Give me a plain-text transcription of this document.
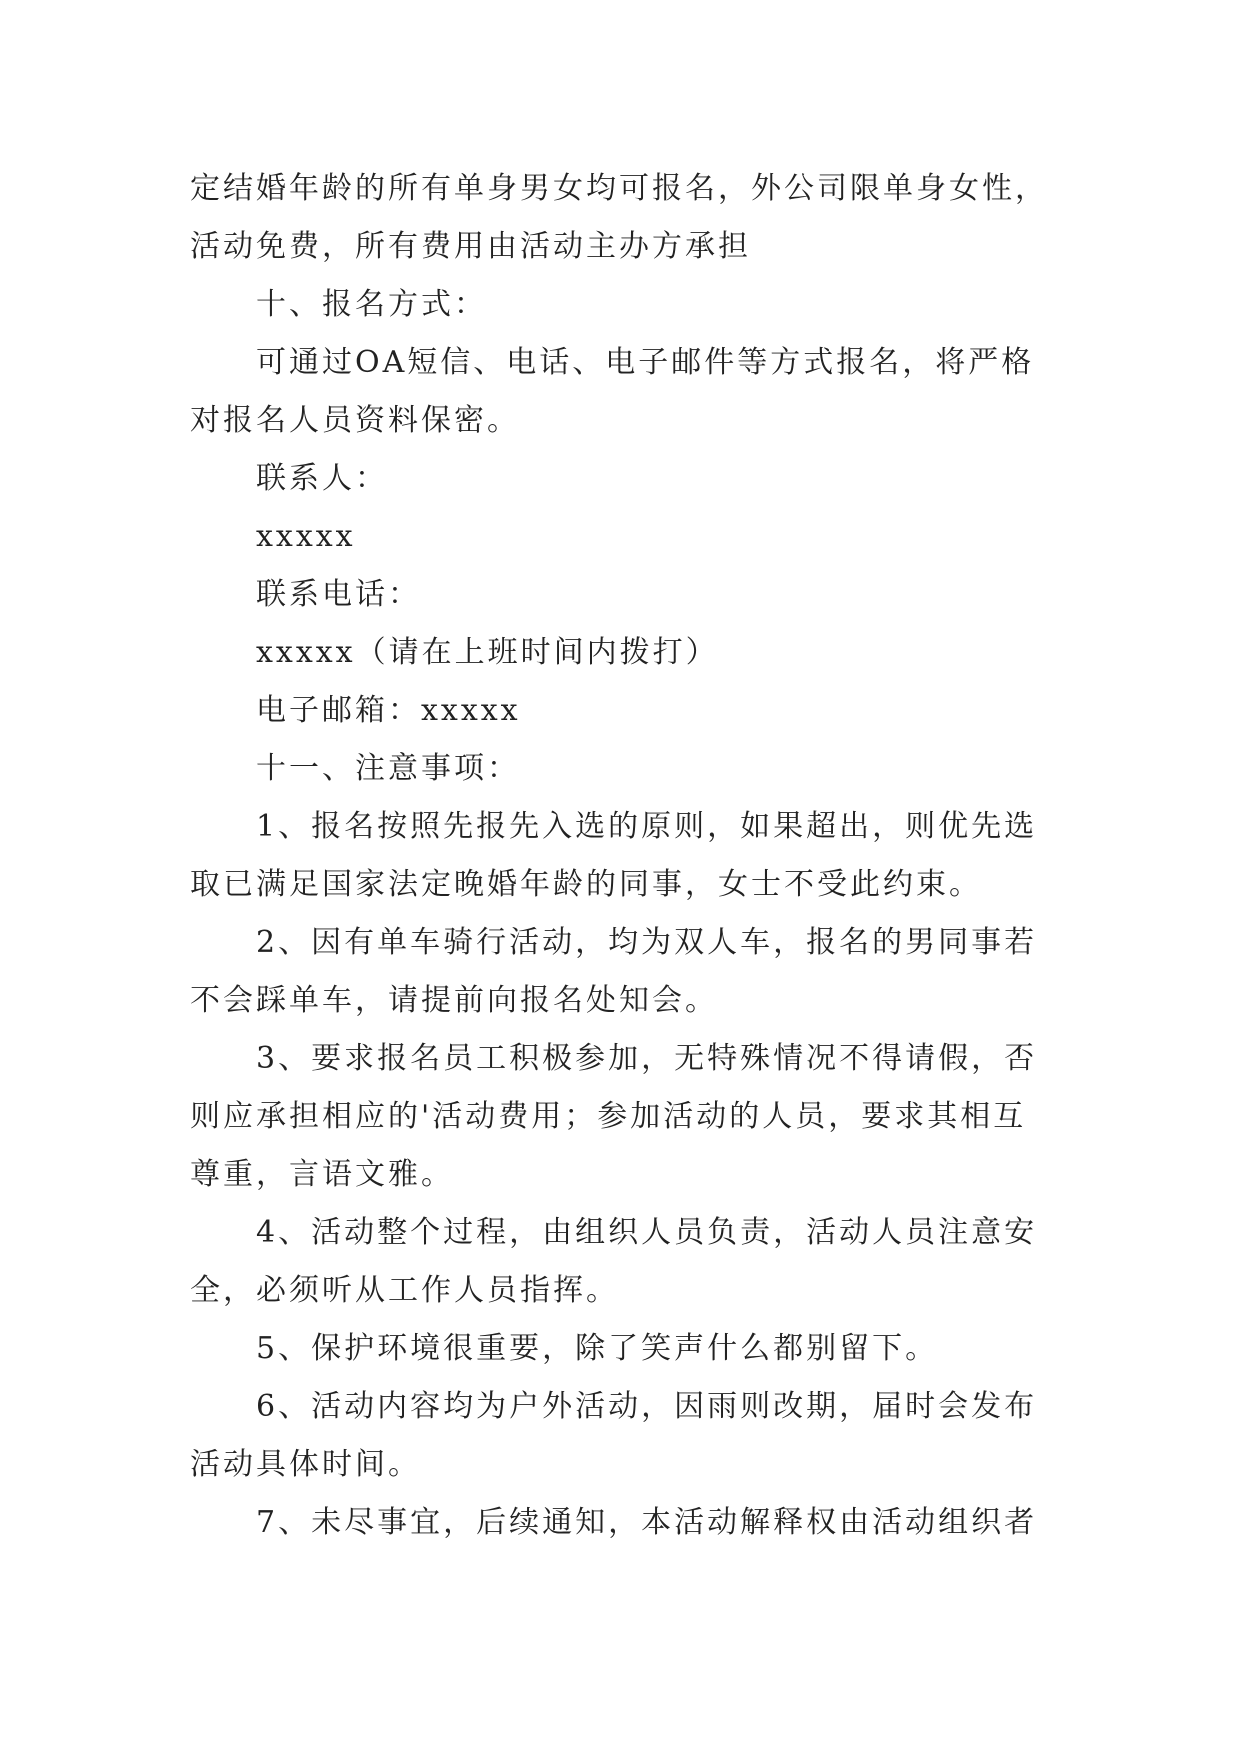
定结婚年龄的所有单身男女均可报名，外公司限单身女性，

活动免费，所有费用由活动主办方承担

十、报名方式：

可通过OA短信、电话、电子邮件等方式报名，将严格

对报名人员资料保密。

联系人：

xxxxx

联系电话：

xxxxx（请在上班时间内拨打）

电子邮箱：xxxxx

十一、注意事项：

1、报名按照先报先入选的原则，如果超出，则优先选

取已满足国家法定晚婚年龄的同事，女士不受此约束。

2、因有单车骑行活动，均为双人车，报名的男同事若

不会踩单车，请提前向报名处知会。

3、要求报名员工积极参加，无特殊情况不得请假，否

则应承担相应的'活动费用；参加活动的人员，要求其相互

尊重，言语文雅。

4、活动整个过程，由组织人员负责，活动人员注意安

全，必须听从工作人员指挥。

5、保护环境很重要，除了笑声什么都别留下。

6、活动内容均为户外活动，因雨则改期，届时会发布

活动具体时间。

7、未尽事宜，后续通知，本活动解释权由活动组织者
